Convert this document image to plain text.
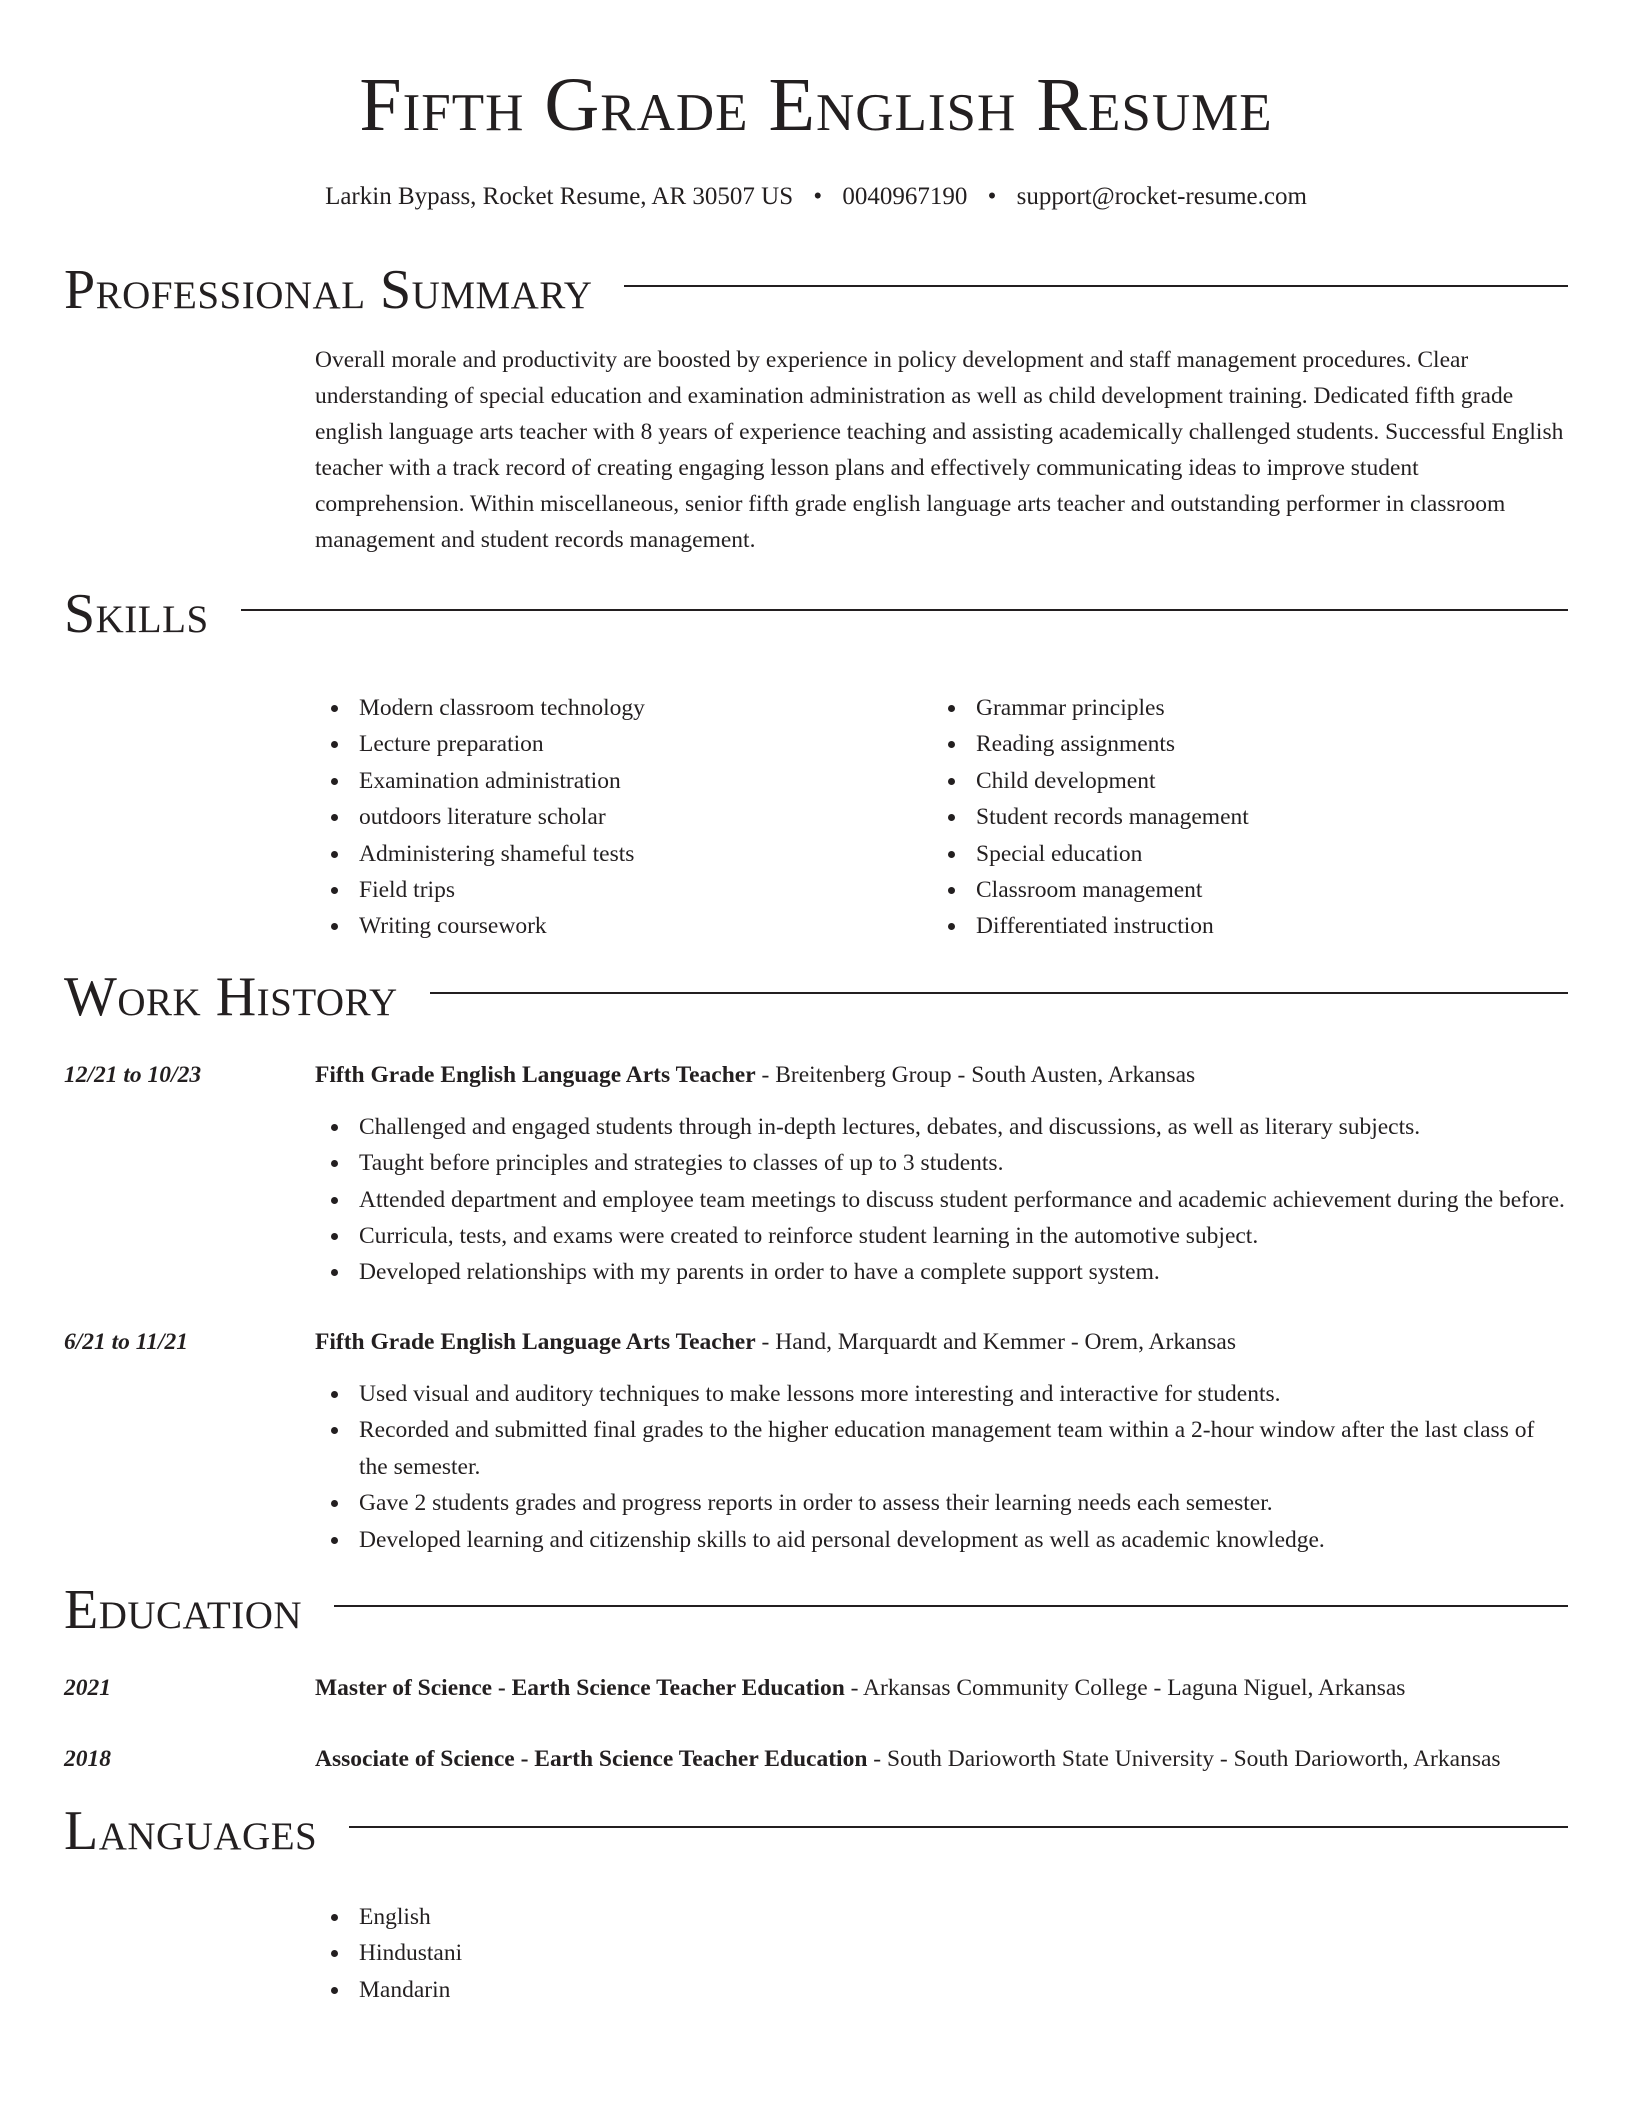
Fifth Grade English Resume
Larkin Bypass, Rocket Resume, AR 30507 US • 0040967190 • support@rocket-resume.com
Professional Summary
Overall morale and productivity are boosted by experience in policy development and staff management procedures. Clear understanding of special education and examination administration as well as child development training. Dedicated fifth grade english language arts teacher with 8 years of experience teaching and assisting academically challenged students. Successful English teacher with a track record of creating engaging lesson plans and effectively communicating ideas to improve student comprehension. Within miscellaneous, senior fifth grade english language arts teacher and outstanding performer in classroom management and student records management.
Skills
Modern classroom technology
Lecture preparation
Examination administration
outdoors literature scholar
Administering shameful tests
Field trips
Writing coursework
Grammar principles
Reading assignments
Child development
Student records management
Special education
Classroom management
Differentiated instruction
Work History
12/21 to 10/23	Fifth Grade English Language Arts Teacher - Breitenberg Group - South Austen, Arkansas
Challenged and engaged students through in-depth lectures, debates, and discussions, as well as literary subjects.
Taught before principles and strategies to classes of up to 3 students.
Attended department and employee team meetings to discuss student performance and academic achievement during the before.
Curricula, tests, and exams were created to reinforce student learning in the automotive subject.
Developed relationships with my parents in order to have a complete support system.
6/21 to 11/21	Fifth Grade English Language Arts Teacher - Hand, Marquardt and Kemmer - Orem, Arkansas
Used visual and auditory techniques to make lessons more interesting and interactive for students.
Recorded and submitted final grades to the higher education management team within a 2-hour window after the last class of the semester.
Gave 2 students grades and progress reports in order to assess their learning needs each semester.
Developed learning and citizenship skills to aid personal development as well as academic knowledge.
Education
2021	Master of Science - Earth Science Teacher Education - Arkansas Community College - Laguna Niguel, Arkansas
2018	Associate of Science - Earth Science Teacher Education - South Darioworth State University - South Darioworth, Arkansas
Languages
English
Hindustani
Mandarin
